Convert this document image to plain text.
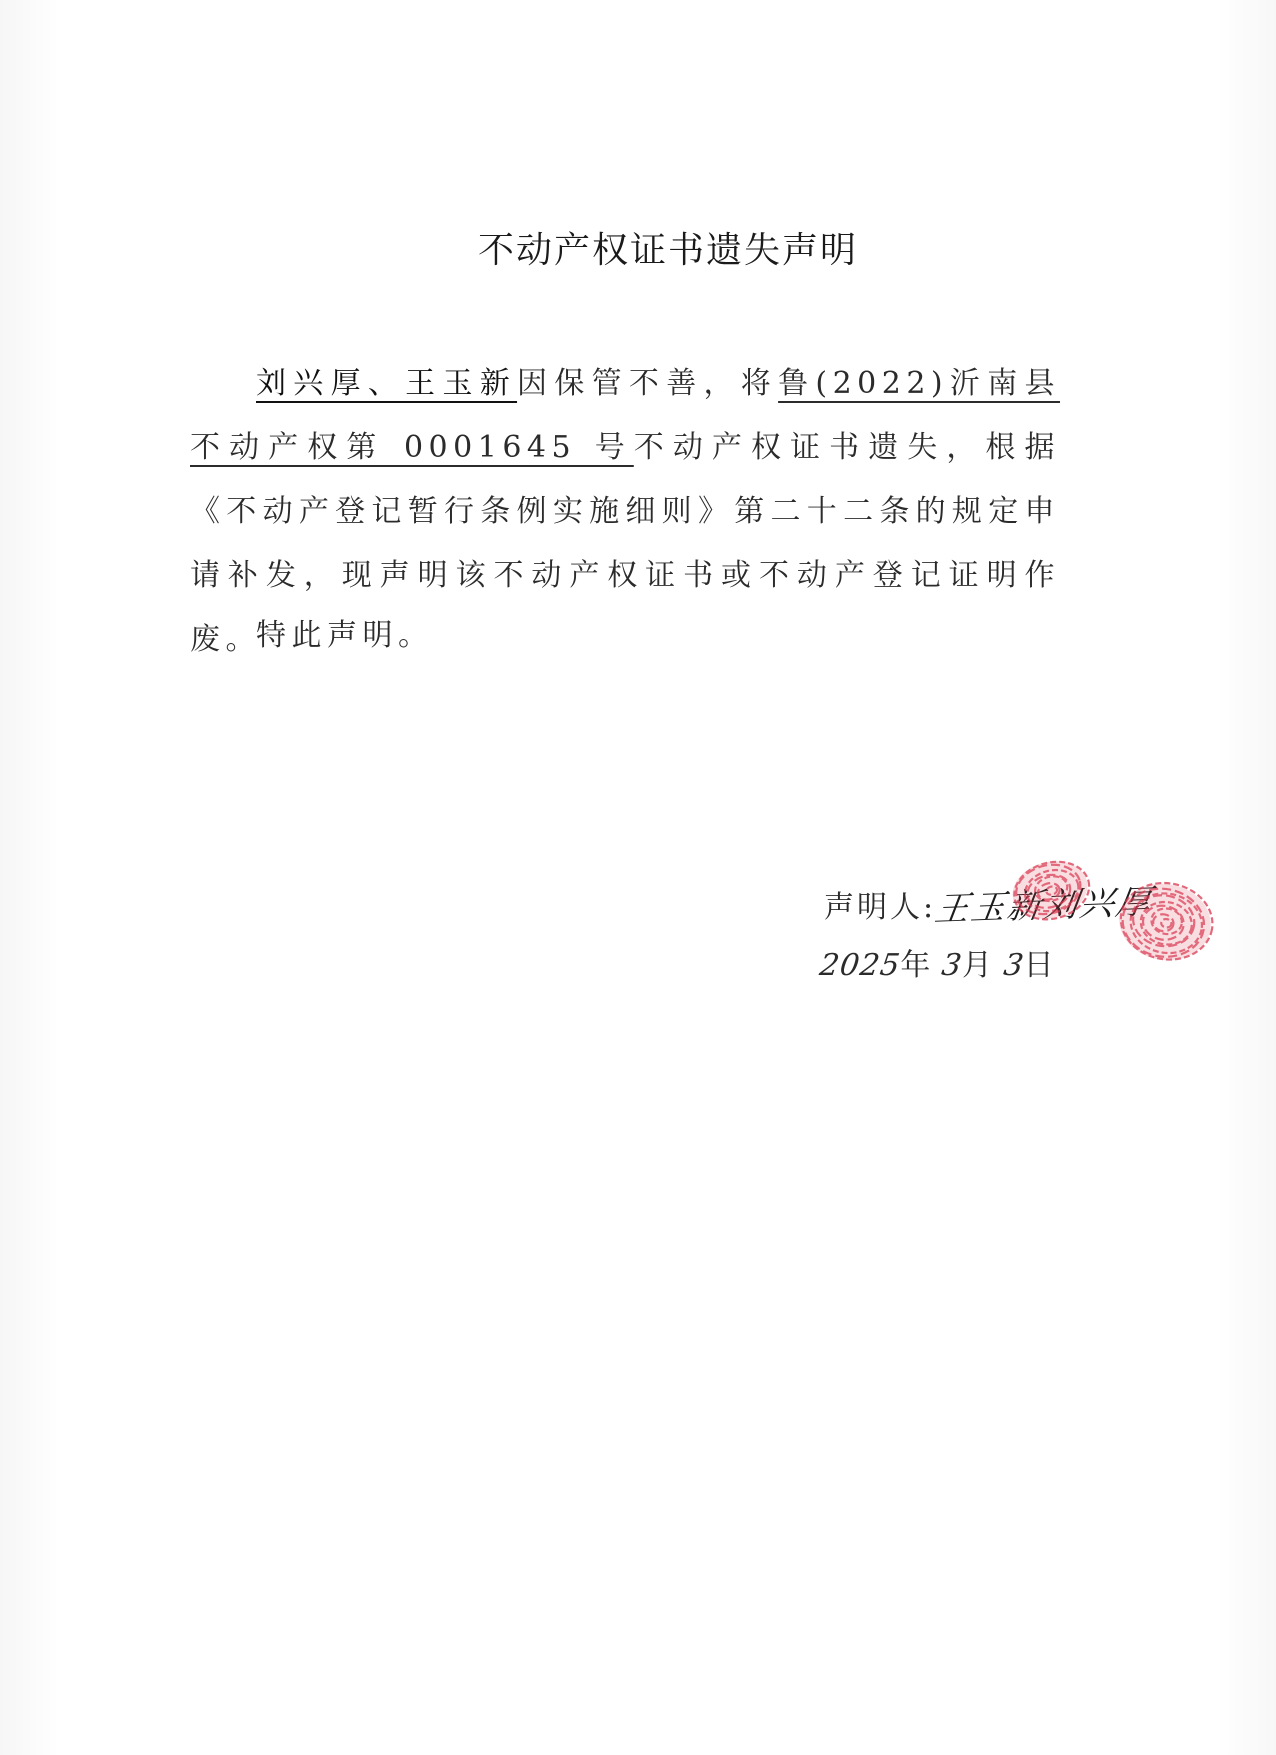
不动产权证书遗失声明

刘兴厚、王玉新因保管不善，将鲁(2022)沂南县不动产权第 0001645 号不动产权证书遗失，根据《不动产登记暂行条例实施细则》第二十二条的规定申请补发，现声明该不动产权证书或不动产登记证明作废。

特此声明。

声明人:王玉新刘兴厚
2025年 3月 3日
